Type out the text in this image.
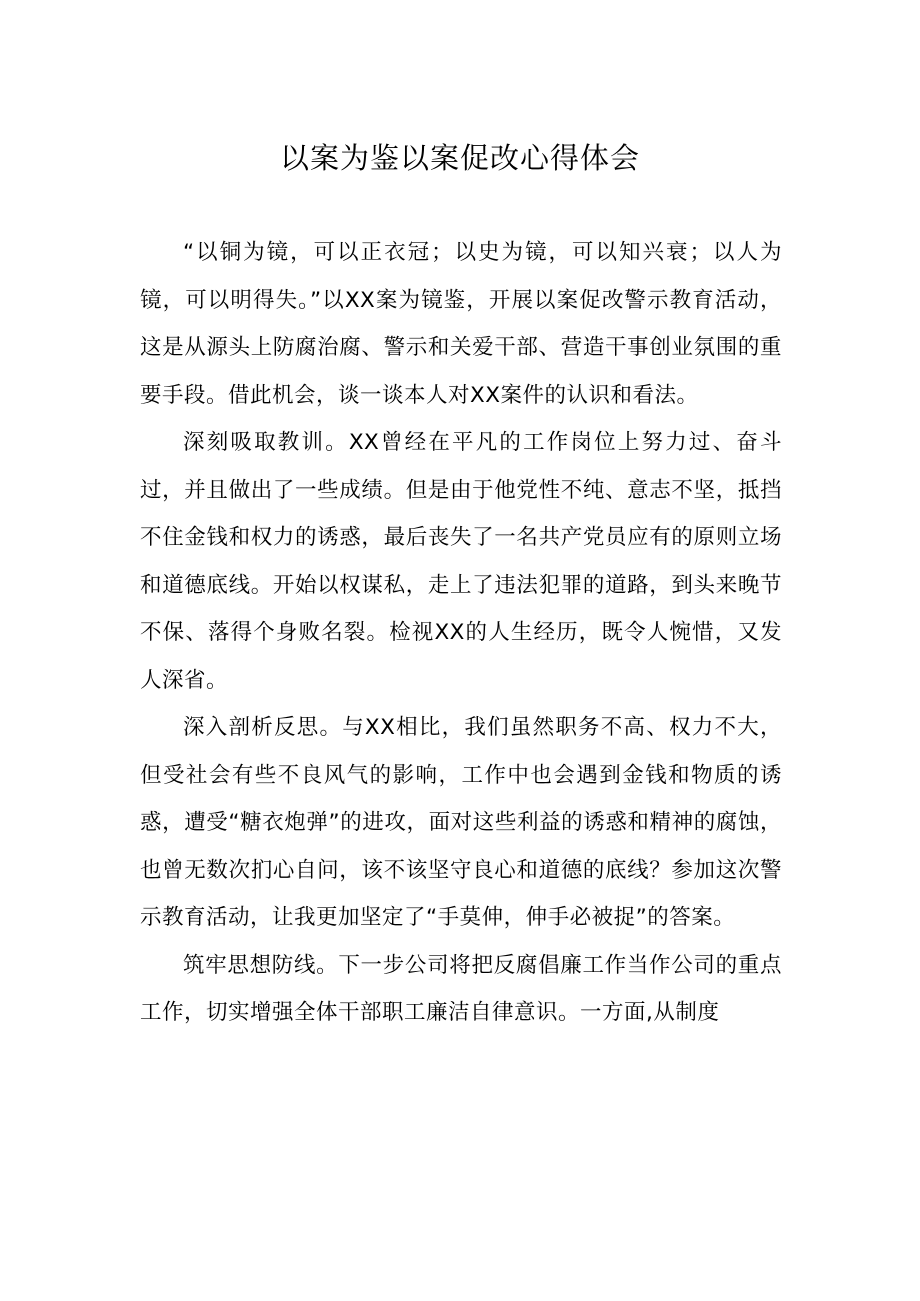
以案为鉴以案促改心得体会

“以铜为镜，可以正衣冠；以史为镜，可以知兴衰；以人为镜，可以明得失。”以XX案为镜鉴，开展以案促改警示教育活动，这是从源头上防腐治腐、警示和关爱干部、营造干事创业氛围的重要手段。借此机会，谈一谈本人对XX案件的认识和看法。

深刻吸取教训。XX曾经在平凡的工作岗位上努力过、奋斗过，并且做出了一些成绩。但是由于他党性不纯、意志不坚，抵挡不住金钱和权力的诱惑，最后丧失了一名共产党员应有的原则立场和道德底线。开始以权谋私，走上了违法犯罪的道路，到头来晚节不保、落得个身败名裂。检视XX的人生经历，既令人惋惜，又发人深省。

深入剖析反思。与XX相比，我们虽然职务不高、权力不大，但受社会有些不良风气的影响，工作中也会遇到金钱和物质的诱惑，遭受“糖衣炮弹”的进攻，面对这些利益的诱惑和精神的腐蚀，也曾无数次扪心自问，该不该坚守良心和道德的底线？参加这次警示教育活动，让我更加坚定了“手莫伸，伸手必被捉”的答案。

筑牢思想防线。下一步公司将把反腐倡廉工作当作公司的重点工作，切实增强全体干部职工廉洁自律意识。一方面,从制度
